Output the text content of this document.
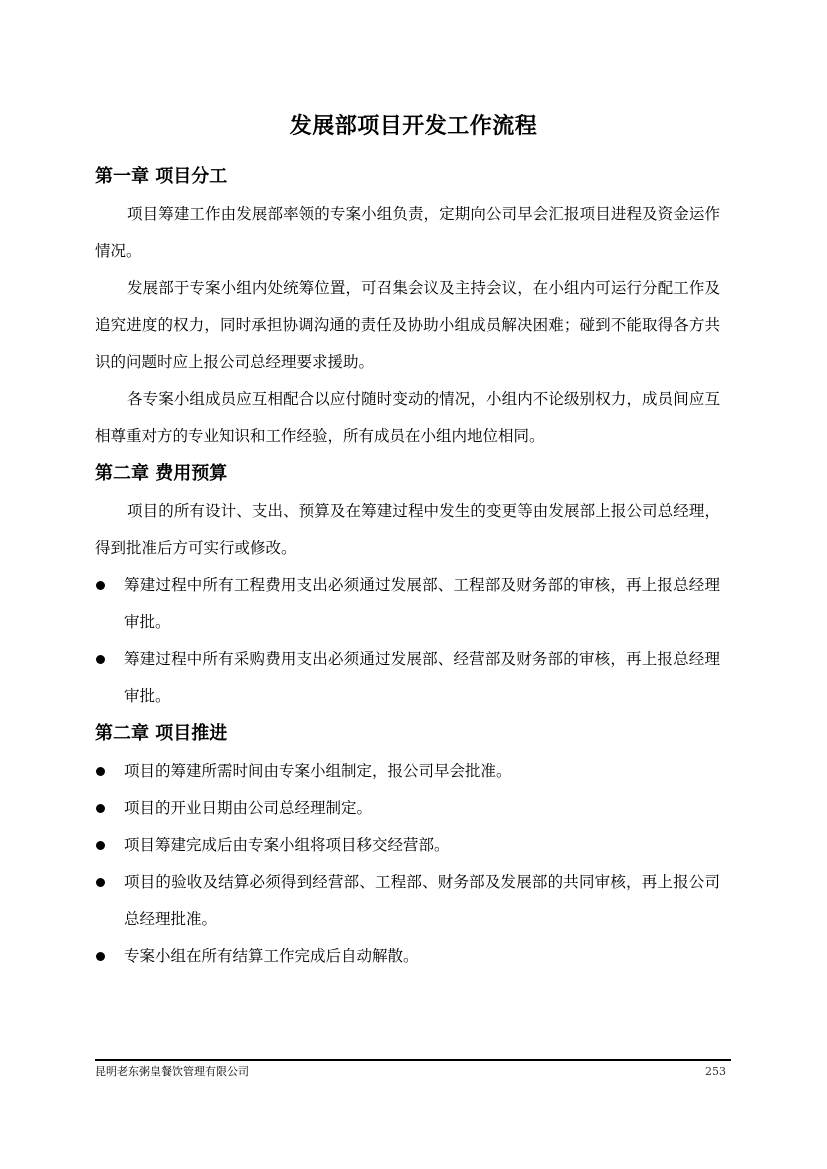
发展部项目开发工作流程
第一章 项目分工

项目筹建工作由发展部率领的专案小组负责，定期向公司早会汇报项目进程及资金运作情况。

发展部于专案小组内处统筹位置，可召集会议及主持会议，在小组内可运行分配工作及追究进度的权力，同时承担协调沟通的责任及协助小组成员解决困难；碰到不能取得各方共识的问题时应上报公司总经理要求援助。

各专案小组成员应互相配合以应付随时变动的情况，小组内不论级别权力，成员间应互相尊重对方的专业知识和工作经验，所有成员在小组内地位相同。

第二章 费用预算

项目的所有设计、支出、预算及在筹建过程中发生的变更等由发展部上报公司总经理，得到批准后方可实行或修改。

筹建过程中所有工程费用支出必须通过发展部、工程部及财务部的审核，再上报总经理审批。
筹建过程中所有采购费用支出必须通过发展部、经营部及财务部的审核，再上报总经理审批。
第二章 项目推进
项目的筹建所需时间由专案小组制定，报公司早会批准。
项目的开业日期由公司总经理制定。
项目筹建完成后由专案小组将项目移交经营部。
项目的验收及结算必须得到经营部、工程部、财务部及发展部的共同审核，再上报公司总经理批准。
专案小组在所有结算工作完成后自动解散。
昆明老东粥皇餐饮管理有限公司	253
